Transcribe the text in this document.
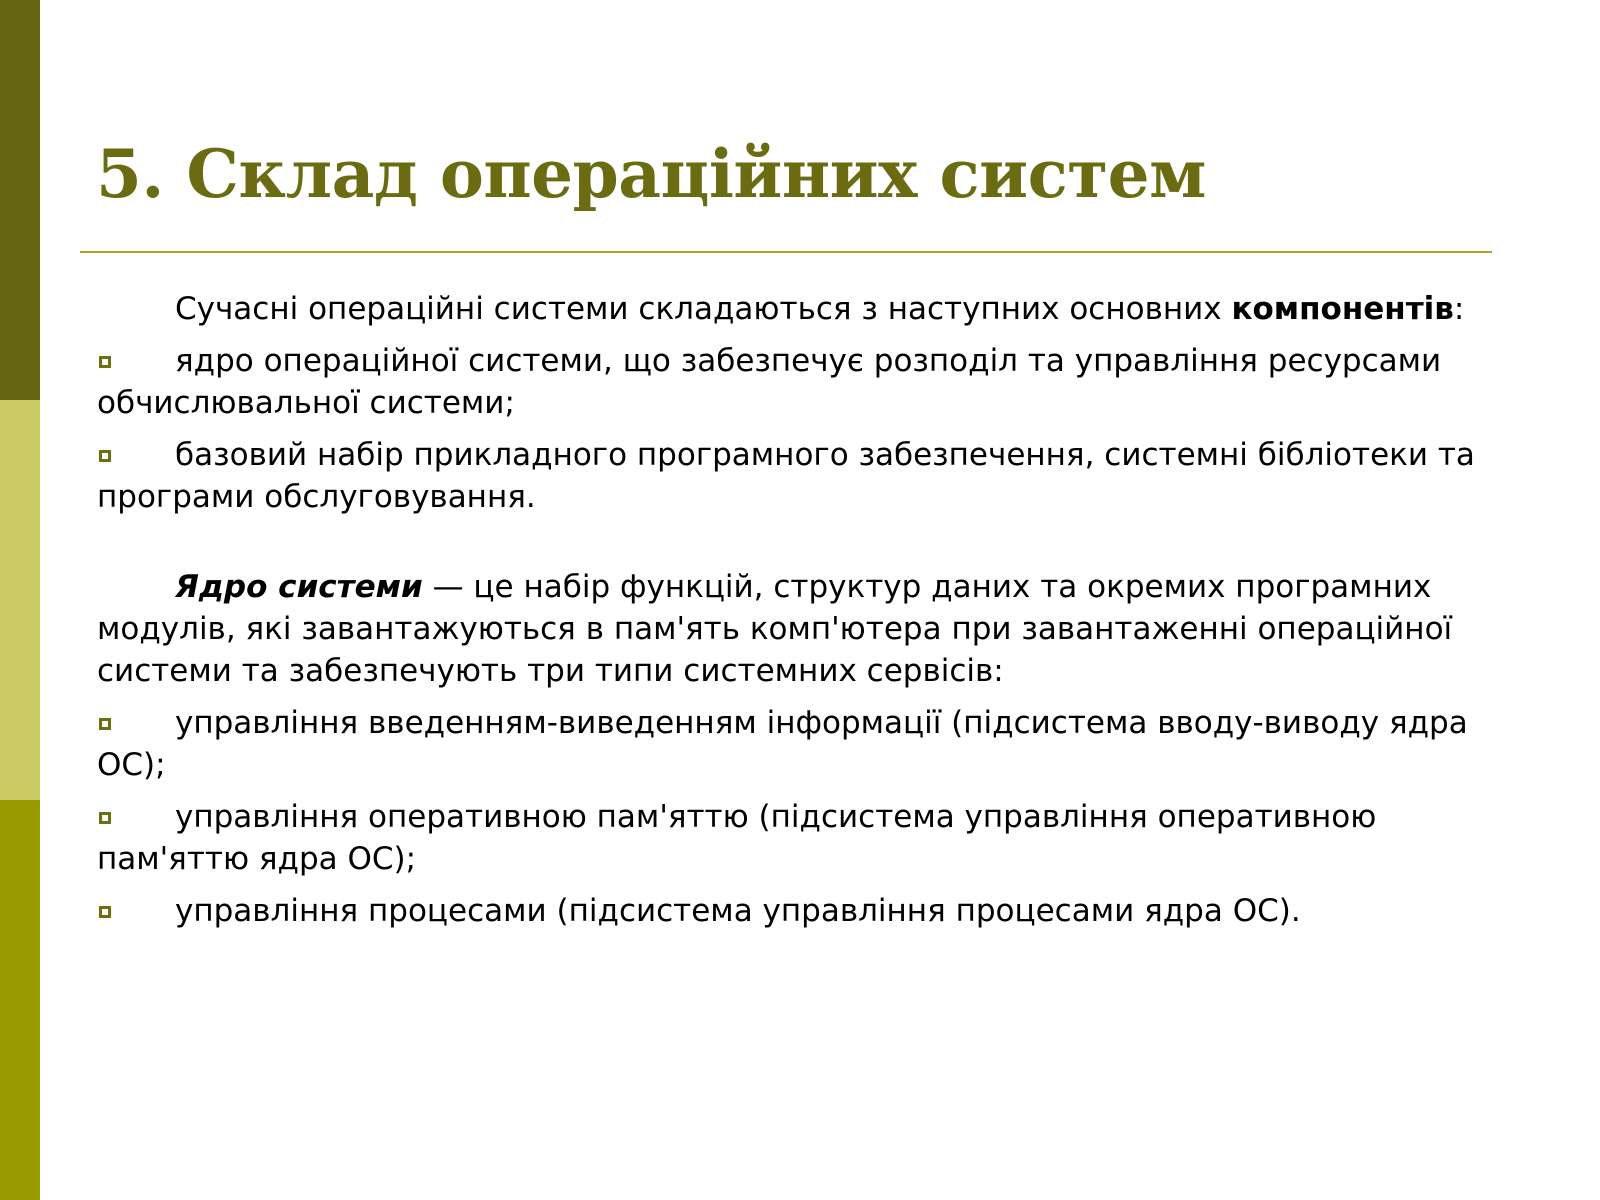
5. Склад операційних систем

Сучасні операційні системи складаються з наступних основних компонентів:

ядро операційної системи, що забезпечує розподіл та управління ресурсами обчислювальної системи;

базовий набір прикладного програмного забезпечення, системні бібліотеки та програми обслуговування.

Ядро системи — це набір функцій, структур даних та окремих програмних модулів, які завантажуються в пам'ять комп'ютера при завантаженні операційної системи та забезпечують три типи системних сервісів:

управління введенням-виведенням інформації (підсистема вводу-виводу ядра ОС);

управління оперативною пам'яттю (підсистема управління оперативною пам'яттю ядра ОС);

управління процесами (підсистема управління процесами ядра ОС).
